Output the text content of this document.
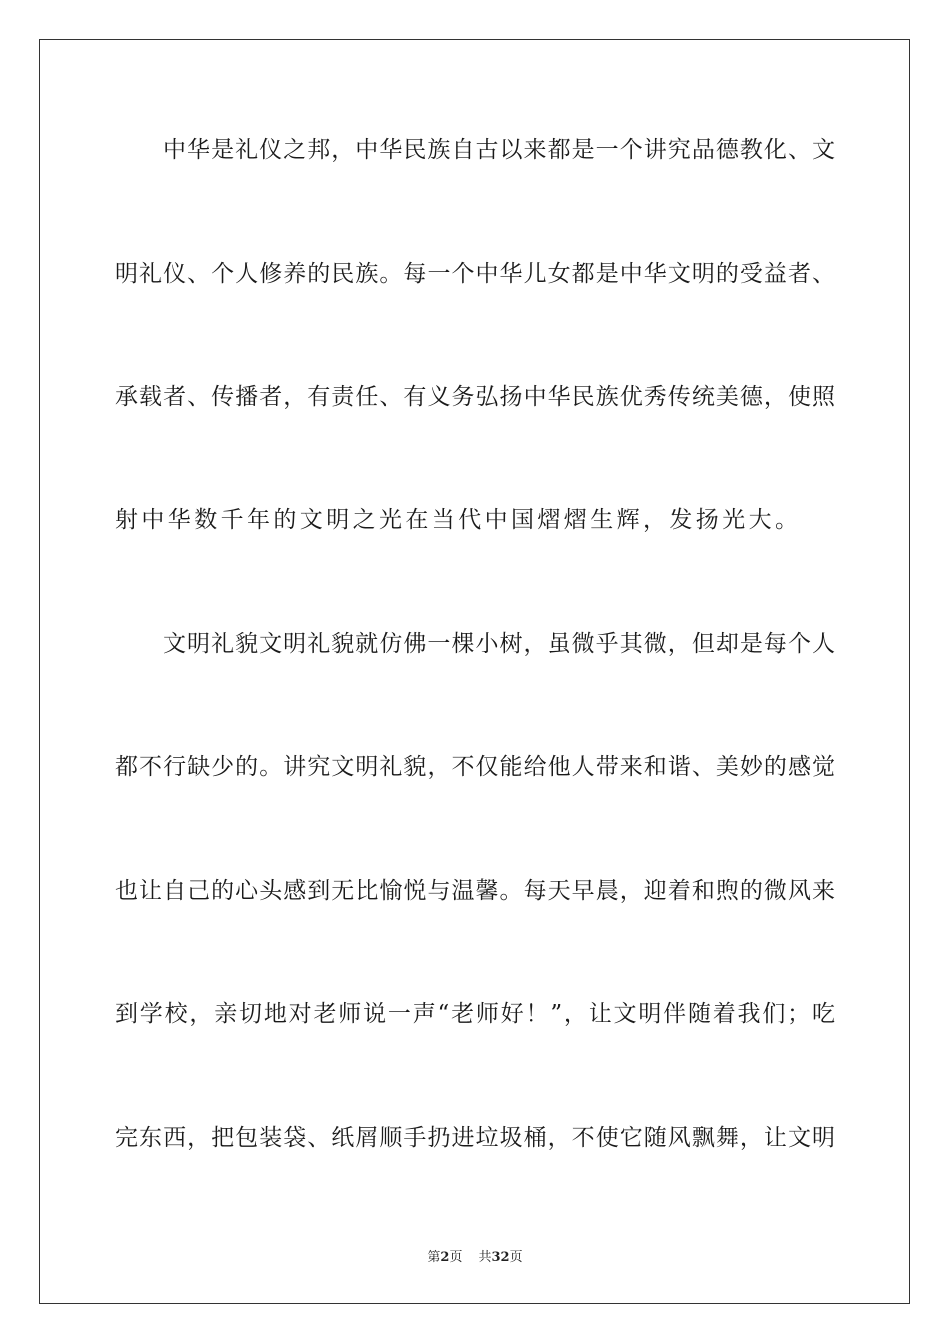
中华是礼仪之邦，中华民族自古以来都是一个讲究品德教化、文
明礼仪、个人修养的民族。每一个中华儿女都是中华文明的受益者、
承载者、传播者，有责任、有义务弘扬中华民族优秀传统美德，使照
射中华数千年的文明之光在当代中国熠熠生辉，发扬光大。
文明礼貌文明礼貌就仿佛一棵小树，虽微乎其微，但却是每个人
都不行缺少的。讲究文明礼貌，不仅能给他人带来和谐、美妙的感觉
也让自己的心头感到无比愉悦与温馨。每天早晨，迎着和煦的微风来
到学校，亲切地对老师说一声“老师好！”，让文明伴随着我们；吃
完东西，把包装袋、纸屑顺手扔进垃圾桶，不使它随风飘舞，让文明
第2页 共32页
